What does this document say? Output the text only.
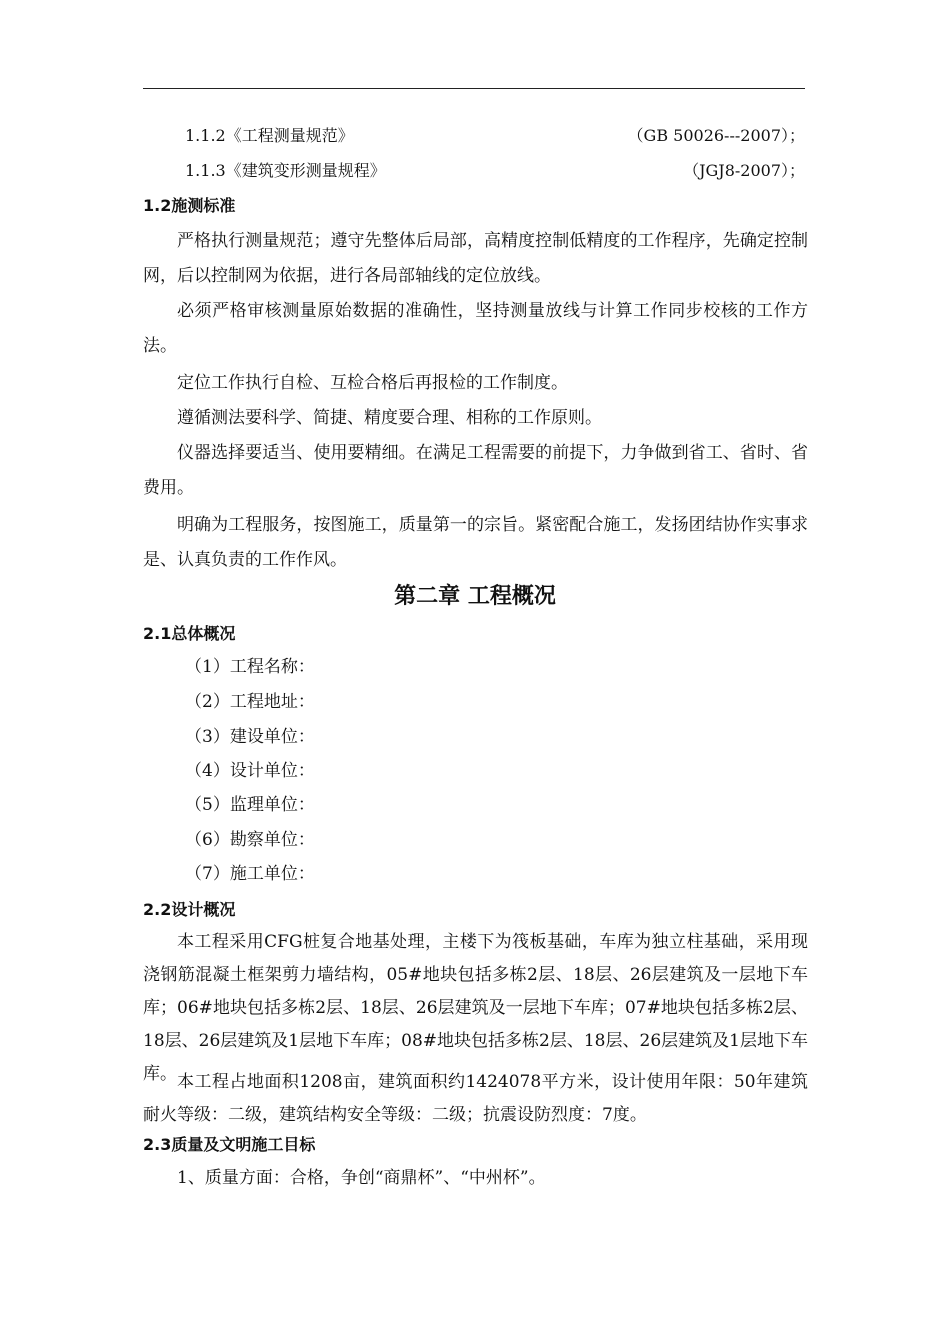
1.1.2《工程测量规范》	（GB 50026---2007）；
1.1.3《建筑变形测量规程》	（JGJ8-2007）；
1.2施测标准

严格执行测量规范；遵守先整体后局部，高精度控制低精度的工作程序，先确定控制网，后以控制网为依据，进行各局部轴线的定位放线。

必须严格审核测量原始数据的准确性，坚持测量放线与计算工作同步校核的工作方法。

定位工作执行自检、互检合格后再报检的工作制度。

遵循测法要科学、简捷、精度要合理、相称的工作原则。

仪器选择要适当、使用要精细。在满足工程需要的前提下，力争做到省工、省时、省费用。

明确为工程服务，按图施工，质量第一的宗旨。紧密配合施工，发扬团结协作实事求是、认真负责的工作作风。

第二章 工程概况
2.1总体概况
（1）工程名称：
（2）工程地址：
（3）建设单位：
（4）设计单位：
（5）监理单位：
（6）勘察单位：
（7）施工单位：
2.2设计概况

本工程采用CFG桩复合地基处理，主楼下为筏板基础，车库为独立柱基础，采用现浇钢筋混凝土框架剪力墙结构，05#地块包括多栋2层、18层、26层建筑及一层地下车库；06#地块包括多栋2层、18层、26层建筑及一层地下车库；07#地块包括多栋2层、18层、26层建筑及1层地下车库；08#地块包括多栋2层、18层、26层建筑及1层地下车库。 本工程占地面积1208亩，建筑面积约1424078平方米，设计使用年限：50年建筑耐火等级：二级，建筑结构安全等级：二级；抗震设防烈度：7度。

2.3质量及文明施工目标

1、质量方面：合格，争创“商鼎杯”、“中州杯”。
